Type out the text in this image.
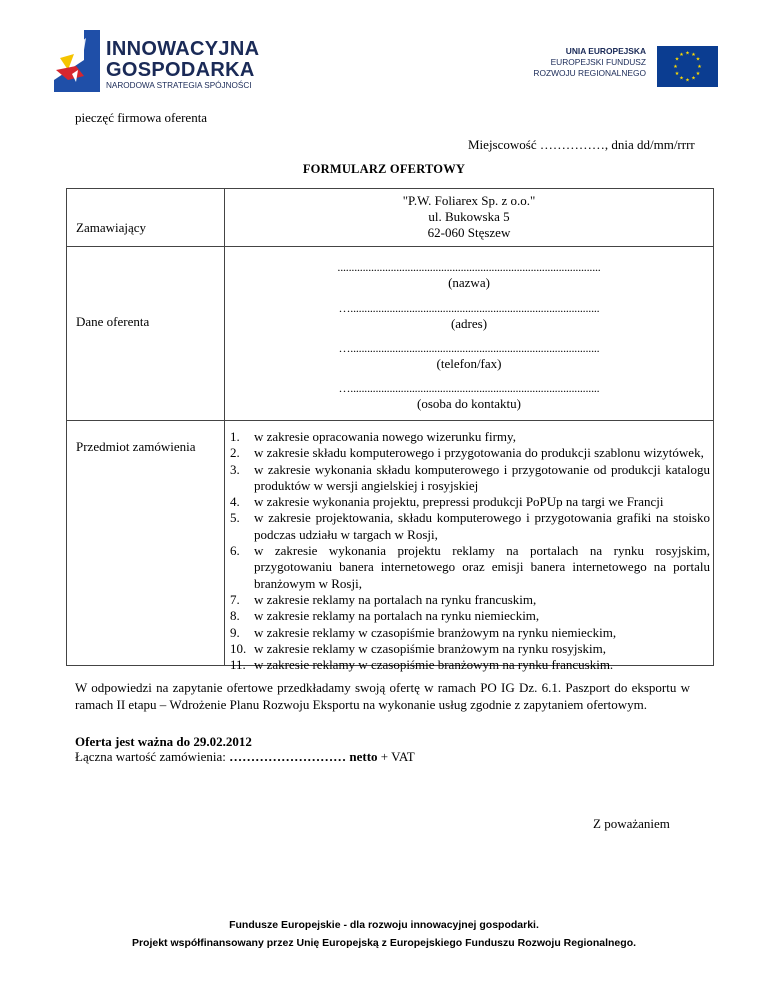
INNOWACYJNA
GOSPODARKA
NARODOWA STRATEGIA SPÓJNOŚCI
UNIA EUROPEJSKA
EUROPEJSKI FUNDUSZ
ROZWOJU REGIONALNEGO
★ ★
★
★
★
★
★
★
★
★
★
★
pieczęć firmowa oferenta
Miejscowość ……………, dnia dd/mm/rrrr
FORMULARZ OFERTOWY
Zamawiający
"P.W. Foliarex Sp. z o.o."
ul. Bukowska 5
62-060 Stęszew
Dane oferenta
..............................................................................................
(nazwa)
….........................................................................................
(adres)
….........................................................................................
(telefon/fax)
….........................................................................................
(osoba do kontaktu)
Przedmiot zamówienia
1. w zakresie opracowania nowego wizerunku firmy,
2. w zakresie składu komputerowego i przygotowania do produkcji szablonu wizytówek,
3. w zakresie wykonania składu komputerowego i przygotowanie od produkcji katalogu produktów w wersji angielskiej i rosyjskiej
4. w zakresie wykonania projektu, prepressi produkcji PoPUp na targi we Francji
5. w zakresie projektowania, składu komputerowego i przygotowania grafiki na stoisko podczas udziału w targach w Rosji,
6. w zakresie wykonania projektu reklamy na portalach na rynku rosyjskim, przygotowaniu banera internetowego oraz emisji banera internetowego na portalu branżowym w Rosji,
7. w zakresie reklamy na portalach na rynku francuskim,
8. w zakresie reklamy na portalach na rynku niemieckim,
9. w zakresie reklamy w czasopiśmie branżowym na rynku niemieckim,
10. w zakresie reklamy w czasopiśmie branżowym na rynku rosyjskim,
11. w zakresie reklamy w czasopiśmie branżowym na rynku francuskim.
W odpowiedzi na zapytanie ofertowe przedkładamy swoją ofertę w ramach PO IG Dz. 6.1. Paszport do eksportu w ramach II etapu – Wdrożenie Planu Rozwoju Eksportu na wykonanie usług zgodnie z zapytaniem ofertowym.
Oferta jest ważna do 29.02.2012
Łączna wartość zamówienia: ……………………… netto + VAT
Z poważaniem
Fundusze Europejskie - dla rozwoju innowacyjnej gospodarki.
Projekt współfinansowany przez Unię Europejską z Europejskiego Funduszu Rozwoju Regionalnego.
